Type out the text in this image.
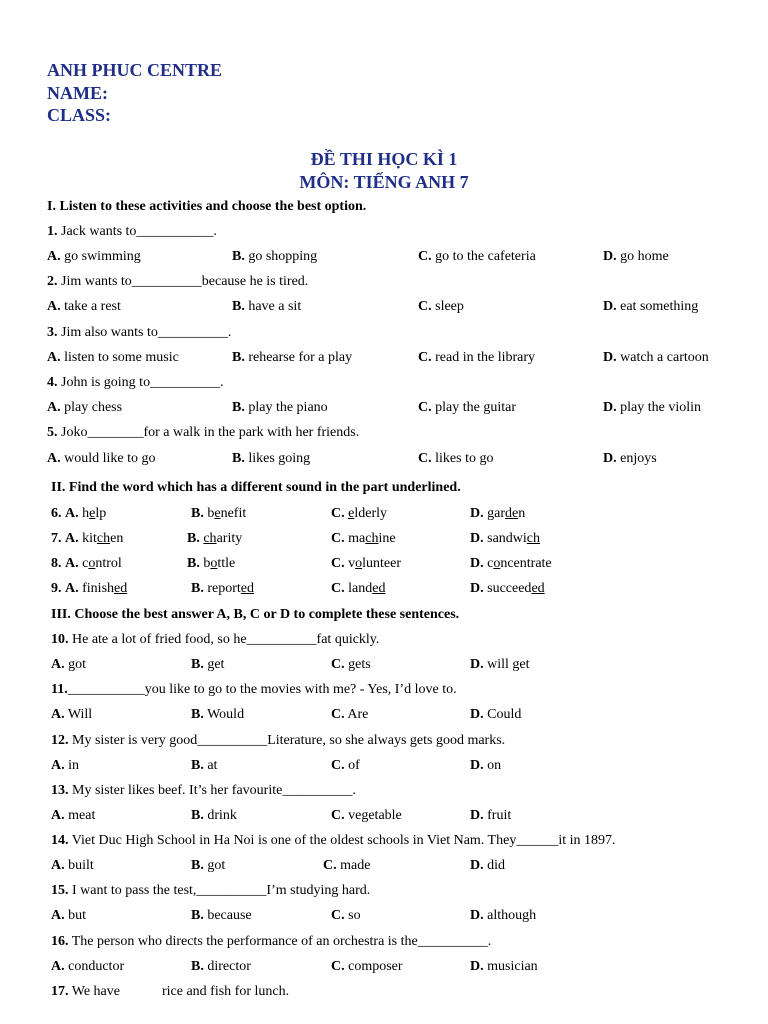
ANH PHUC CENTRE
NAME:
CLASS:
ĐỀ THI HỌC KÌ 1
MÔN: TIẾNG ANH 7
I. Listen to these activities and choose the best option.
1. Jack wants to___________.
A. go swimming	B. go shopping	C. go to the cafeteria	D. go home
2. Jim wants to__________because he is tired.
A. take a rest	B. have a sit	C. sleep	D. eat something
3. Jim also wants to__________.
A. listen to some music	B. rehearse for a play	C. read in the library	D. watch a cartoon
4. John is going to__________.
A. play chess	B. play the piano	C. play the guitar	D. play the violin
5. Joko________for a walk in the park with her friends.
A. would like to go	B. likes going	C. likes to go	D. enjoys
II. Find the word which has a different sound in the part underlined.
6. A. help	B. benefit	C. elderly	D. garden
7. A. kitchen	B. charity	C. machine	D. sandwich
8. A. control	B. bottle	C. volunteer	D. concentrate
9. A. finished	B. reported	C. landed	D. succeeded
III. Choose the best answer A, B, C or D to complete these sentences.
10. He ate a lot of fried food, so he__________fat quickly.
A. got	B. get	C. gets	D. will get
11.___________you like to go to the movies with me? - Yes, I’d love to.
A. Will	B. Would	C. Are	D. Could
12. My sister is very good__________Literature, so she always gets good marks.
A. in	B. at	C. of	D. on
13. My sister likes beef. It’s her favourite__________.
A. meat	B. drink	C. vegetable	D. fruit
14. Viet Duc High School in Ha Noi is one of the oldest schools in Viet Nam. They______it in 1897.
A. built	B. got	C. made	D. did
15. I want to pass the test,__________I’m studying hard.
A. but	B. because	C. so	D. although
16. The person who directs the performance of an orchestra is the__________.
A. conductor	B. director	C. composer	D. musician
17. We have            rice and fish for lunch.
